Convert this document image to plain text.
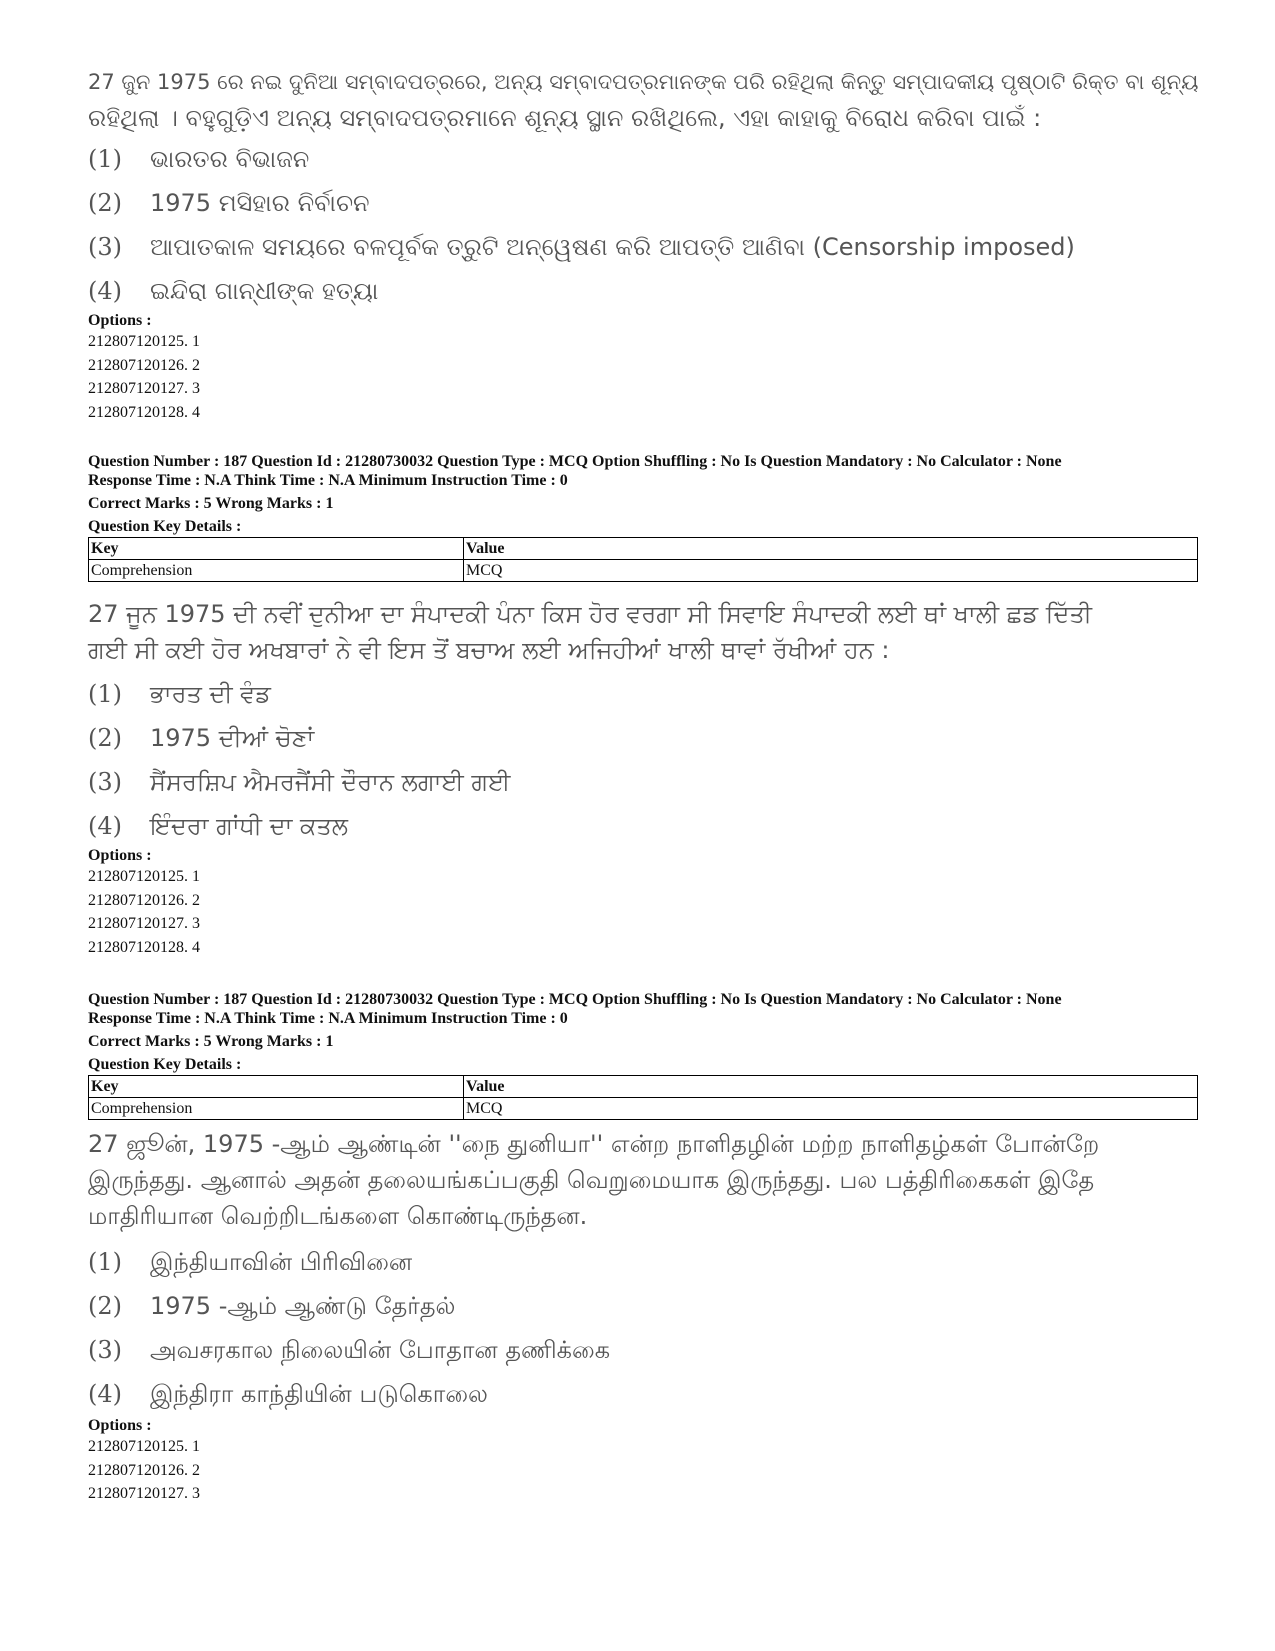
27 ଜୁନ 1975 ରେ ନଇ ଦୁନିଆ ସମ୍ବାଦପତ୍ରରେ, ଅନ୍ୟ ସମ୍ବାଦପତ୍ରମାନଙ୍କ ପରି ରହିଥିଲା କିନ୍ତୁ ସମ୍ପାଦକୀୟ ପୃଷ୍ଠାଟି ରିକ୍ତ ବା ଶୂନ୍ୟ

ରହିଥିଲା । ବହୁଗୁଡ଼ିଏ ଅନ୍ୟ ସମ୍ବାଦପତ୍ରମାନେ ଶୂନ୍ୟ ସ୍ଥାନ ରଖିଥିଲେ, ଏହା କାହାକୁ ବିରୋଧ କରିବା ପାଇଁ :

(1)	ଭାରତର ବିଭାଜନ
(2)	1975 ମସିହାର ନିର୍ବାଚନ
(3)	ଆପାତକାଳ ସମୟରେ ବଳପୂର୍ବକ ତ୍ରୁଟି ଅନ୍ୱେଷଣ କରି ଆପତ୍ତି ଆଣିବା (Censorship imposed)
(4)	ଇନ୍ଦିରା ଗାନ୍ଧୀଙ୍କ ହତ୍ୟା
Options :
212807120125. 1
212807120126. 2
212807120127. 3
212807120128. 4
Question Number : 187 Question Id : 21280730032 Question Type : MCQ Option Shuffling : No Is Question Mandatory : No Calculator : None
Response Time : N.A Think Time : N.A Minimum Instruction Time : 0
Correct Marks : 5 Wrong Marks : 1
Question Key Details :
Key	Value
Comprehension	MCQ

27 ਜੂਨ 1975 ਦੀ ਨਵੀਂ ਦੁਨੀਆ ਦਾ ਸੰਪਾਦਕੀ ਪੰਨਾ ਕਿਸ ਹੋਰ ਵਰਗਾ ਸੀ ਸਿਵਾਇ ਸੰਪਾਦਕੀ ਲਈ ਥਾਂ ਖਾਲੀ ਛਡ ਦਿੱਤੀ

ਗਈ ਸੀ ਕਈ ਹੋਰ ਅਖਬਾਰਾਂ ਨੇ ਵੀ ਇਸ ਤੋਂ ਬਚਾਅ ਲਈ ਅਜਿਹੀਆਂ ਖਾਲੀ ਥਾਵਾਂ ਰੱਖੀਆਂ ਹਨ :

(1)	ਭਾਰਤ ਦੀ ਵੰਡ
(2)	1975 ਦੀਆਂ ਚੋਣਾਂ
(3)	ਸੈਂਸਰਸ਼ਿਪ ਐਮਰਜੈਂਸੀ ਦੌਰਾਨ ਲਗਾਈ ਗਈ
(4)	ਇੰਦਰਾ ਗਾਂਧੀ ਦਾ ਕਤਲ
Options :
212807120125. 1
212807120126. 2
212807120127. 3
212807120128. 4
Question Number : 187 Question Id : 21280730032 Question Type : MCQ Option Shuffling : No Is Question Mandatory : No Calculator : None
Response Time : N.A Think Time : N.A Minimum Instruction Time : 0
Correct Marks : 5 Wrong Marks : 1
Question Key Details :
Key	Value
Comprehension	MCQ

27 ஜூன், 1975 -ஆம் ஆண்டின் ''நை துனியா'' என்ற நாளிதழின் மற்ற நாளிதழ்கள் போன்றே

இருந்தது. ஆனால் அதன் தலையங்கப்பகுதி வெறுமையாக இருந்தது. பல பத்திரிகைகள் இதே

மாதிரியான வெற்றிடங்களை கொண்டிருந்தன.

(1)	இந்தியாவின் பிரிவினை
(2)	1975 -ஆம் ஆண்டு தேர்தல்
(3)	அவசரகால நிலையின் போதான தணிக்கை
(4)	இந்திரா காந்தியின் படுகொலை
Options :
212807120125. 1
212807120126. 2
212807120127. 3
